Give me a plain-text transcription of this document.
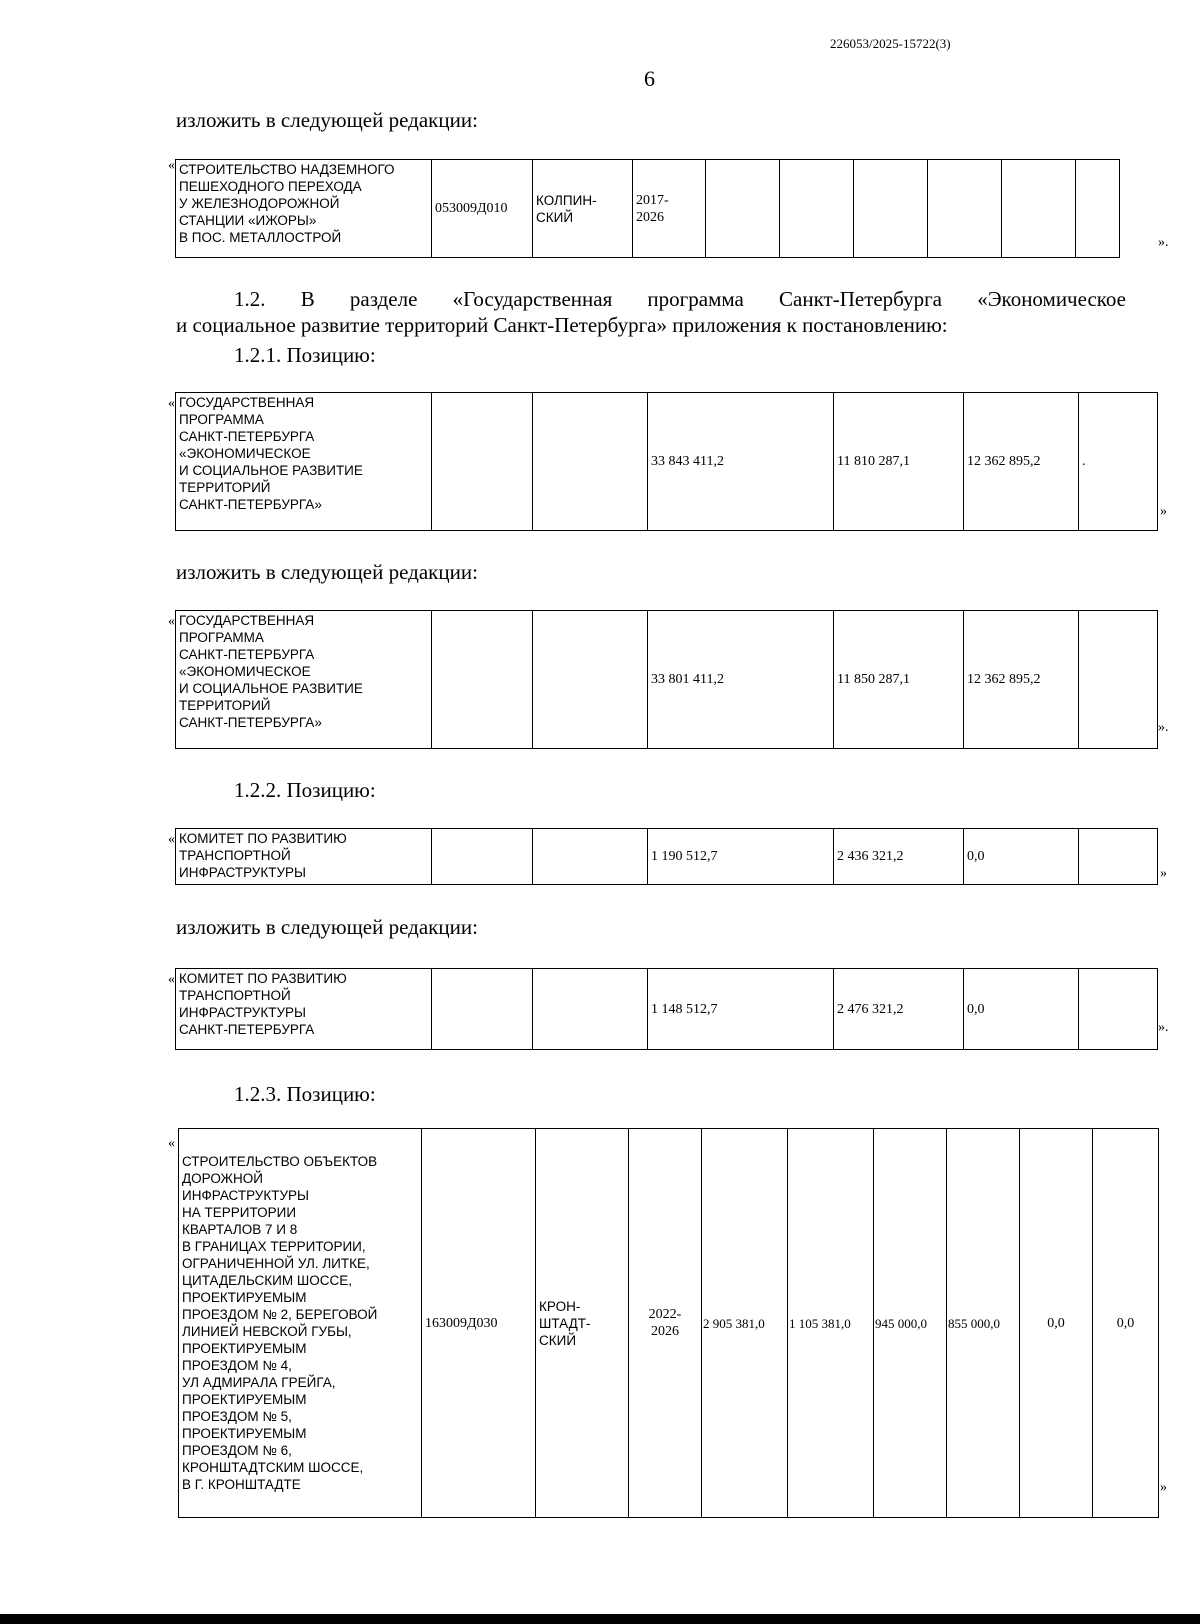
226053/2025-15722(3)
6
изложить в следующей редакции:
« СТРОИТЕЛЬСТВО НАДЗЕМНОГО
ПЕШЕХОДНОГО ПЕРЕХОДА
У ЖЕЛЕЗНОДОРОЖНОЙ
СТАНЦИИ «ИЖОРЫ»
В ПОС. МЕТАЛЛОСТРОЙ
	053009Д010	КОЛПИН-
СКИЙ	2017-
2026						
».
1.2. В разделе «Государственная программа Санкт-Петербурга «Экономическое
и социальное развитие территорий Санкт-Петербурга» приложения к постановлению:
1.2.1. Позицию:
« ГОСУДАРСТВЕННАЯ
ПРОГРАММА
САНКТ-ПЕТЕРБУРГА
«ЭКОНОМИЧЕСКОЕ
И СОЦИАЛЬНОЕ РАЗВИТИЕ
ТЕРРИТОРИЙ
САНКТ-ПЕТЕРБУРГА»
			33 843 411,2	11 810 287,1	12 362 895,2	.
»
изложить в следующей редакции:
« ГОСУДАРСТВЕННАЯ
ПРОГРАММА
САНКТ-ПЕТЕРБУРГА
«ЭКОНОМИЧЕСКОЕ
И СОЦИАЛЬНОЕ РАЗВИТИЕ
ТЕРРИТОРИЙ
САНКТ-ПЕТЕРБУРГА»
			33 801 411,2	11 850 287,1	12 362 895,2	
».
1.2.2. Позицию:
« КОМИТЕТ ПО РАЗВИТИЮ
ТРАНСПОРТНОЙ
ИНФРАСТРУКТУРЫ
			1 190 512,7	2 436 321,2	0,0	
»
изложить в следующей редакции:
« КОМИТЕТ ПО РАЗВИТИЮ
ТРАНСПОРТНОЙ
ИНФРАСТРУКТУРЫ
САНКТ-ПЕТЕРБУРГА
			1 148 512,7	2 476 321,2	0,0	
».
1.2.3. Позицию:
«
СТРОИТЕЛЬСТВО ОБЪЕКТОВ
ДОРОЖНОЙ
ИНФРАСТРУКТУРЫ
НА ТЕРРИТОРИИ
КВАРТАЛОВ 7 И 8
В ГРАНИЦАХ ТЕРРИТОРИИ,
ОГРАНИЧЕННОЙ УЛ. ЛИТКЕ,
ЦИТАДЕЛЬСКИМ ШОССЕ,
ПРОЕКТИРУЕМЫМ
ПРОЕЗДОМ № 2, БЕРЕГОВОЙ
ЛИНИЕЙ НЕВСКОЙ ГУБЫ,
ПРОЕКТИРУЕМЫМ
ПРОЕЗДОМ № 4,
УЛ АДМИРАЛА ГРЕЙГА,
ПРОЕКТИРУЕМЫМ
ПРОЕЗДОМ № 5,
ПРОЕКТИРУЕМЫМ
ПРОЕЗДОМ № 6,
КРОНШТАДТСКИМ ШОССЕ,
В Г. КРОНШТАДТЕ
	163009Д030	КРОН-
ШТАДТ-
СКИЙ	2022-
2026	2 905 381,0	1 105 381,0	945 000,0	855 000,0	0,0	0,0
»
